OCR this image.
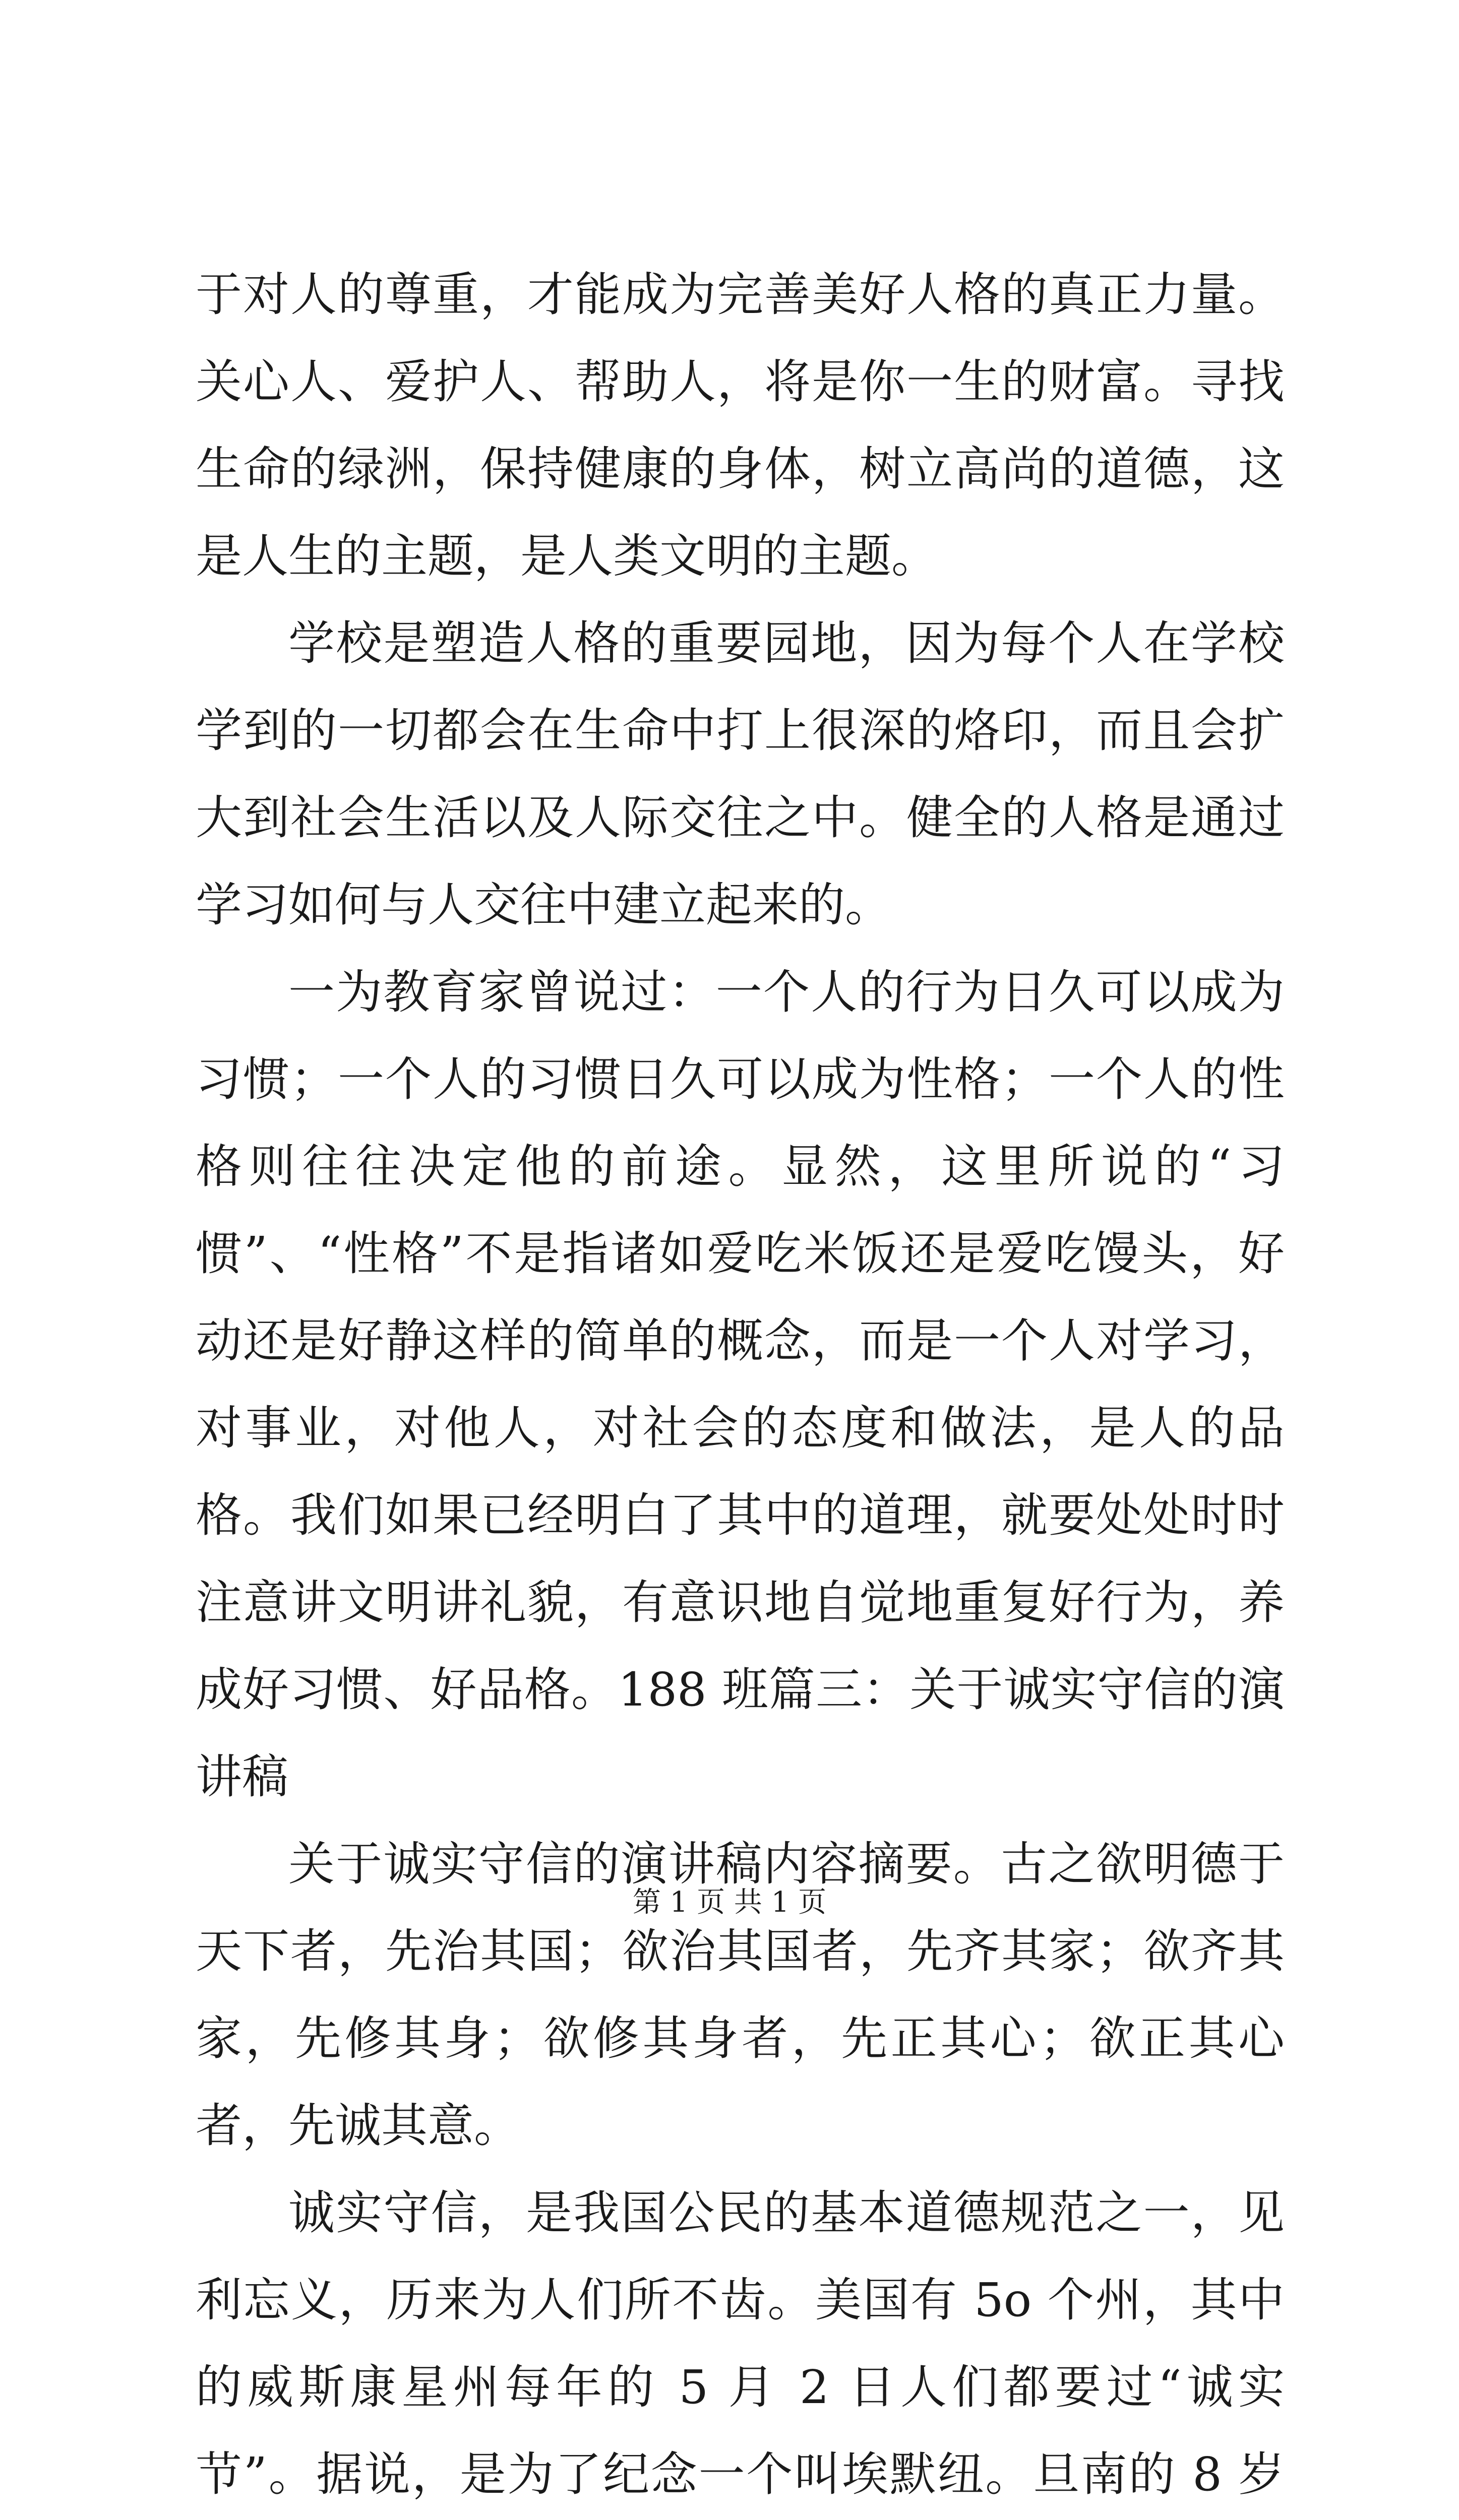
于对人的尊重，才能成为完善美好人格的真正力量。关心人、爱护人、帮助人，将是你一生的财富。寻找生命的绿洲，保持健康的身体，树立高尚的道德，这是人生的主题，是人类文明的主题。

学校是塑造人格的重要园地，因为每个人在学校学到的一切都会在生命中打上很深的烙印，而且会扩大到社会生活以及人际交往之中。健全的人格是通过学习如何与人交往中建立起来的。

一为教育家曾说过：一个人的行为日久可以成为习惯；一个人的习惯日久可以成为性格；一个人的性格则往往决定他的前途。显然，这里所说的“习惯”、“性格”不是指诸如爱吃米饭还是爱吃馒头，好动还是好静这样的简单的概念，而是一个人对学习，对事业，对他人，对社会的态度和做法，是人的品格。我们如果已经明白了其中的道理，就要处处时时注意讲文明讲礼貌，有意识地自觉地重复好行为，养成好习惯、好品格。188 班篇三：关于诚实守信的演讲稿

关于诚实守信的演讲稿内容摘要。古之欲明德于天下者，先治其国；欲治其国者，先齐其家；欲齐其家，先修其身；欲修其身者，先正其心；欲正其心者，先诚其意。

诚实守信，是我国公民的基本道德规范之一，见利忘义，历来为人们所不齿。美国有 5o 个州，其中的威斯康星州每年的 5 月 2 日人们都要过“诚实节”。据说，是为了纪念一个叫埃默纽。旦南的 8 岁

第 1 页 共 1 页
